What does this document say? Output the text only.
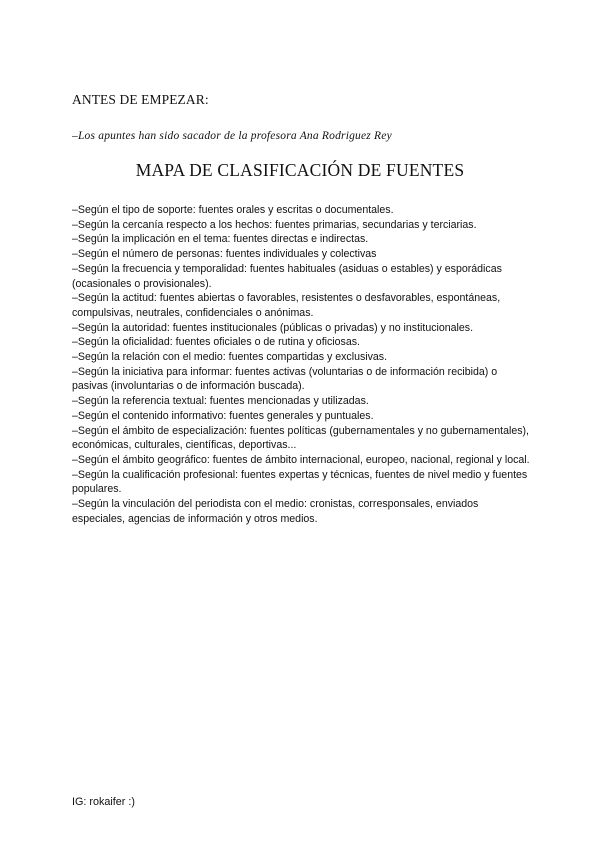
ANTES DE EMPEZAR:
–Los apuntes han sido sacador de la profesora Ana Rodriguez Rey
MAPA DE CLASIFICACIÓN DE FUENTES
–Según el tipo de soporte: fuentes orales y escritas o documentales.
–Según la cercanía respecto a los hechos: fuentes primarias, secundarias y terciarias.
–Según la implicación en el tema: fuentes directas e indirectas.
–Según el número de personas: fuentes individuales y colectivas
–Según la frecuencia y temporalidad: fuentes habituales (asiduas o estables) y esporádicas (ocasionales o provisionales).
–Según la actitud: fuentes abiertas o favorables, resistentes o desfavorables, espontáneas, compulsivas, neutrales, confidenciales o anónimas.
–Según la autoridad: fuentes institucionales (públicas o privadas) y no institucionales.
–Según la oficialidad: fuentes oficiales o de rutina y oficiosas.
–Según la relación con el medio: fuentes compartidas y exclusivas.
–Según la iniciativa para informar: fuentes activas (voluntarias o de información recibida) o pasivas (involuntarias o de información buscada).
–Según la referencia textual: fuentes mencionadas y utilizadas.
–Según el contenido informativo: fuentes generales y puntuales.
–Según el ámbito de especialización: fuentes políticas (gubernamentales y no gubernamentales), económicas, culturales, científicas, deportivas...
–Según el ámbito geográfico: fuentes de ámbito internacional, europeo, nacional, regional y local.
–Según la cualificación profesional: fuentes expertas y técnicas, fuentes de nivel medio y fuentes populares.
–Según la vinculación del periodista con el medio: cronistas, corresponsales, enviados especiales, agencias de información y otros medios.
IG: rokaifer :)
